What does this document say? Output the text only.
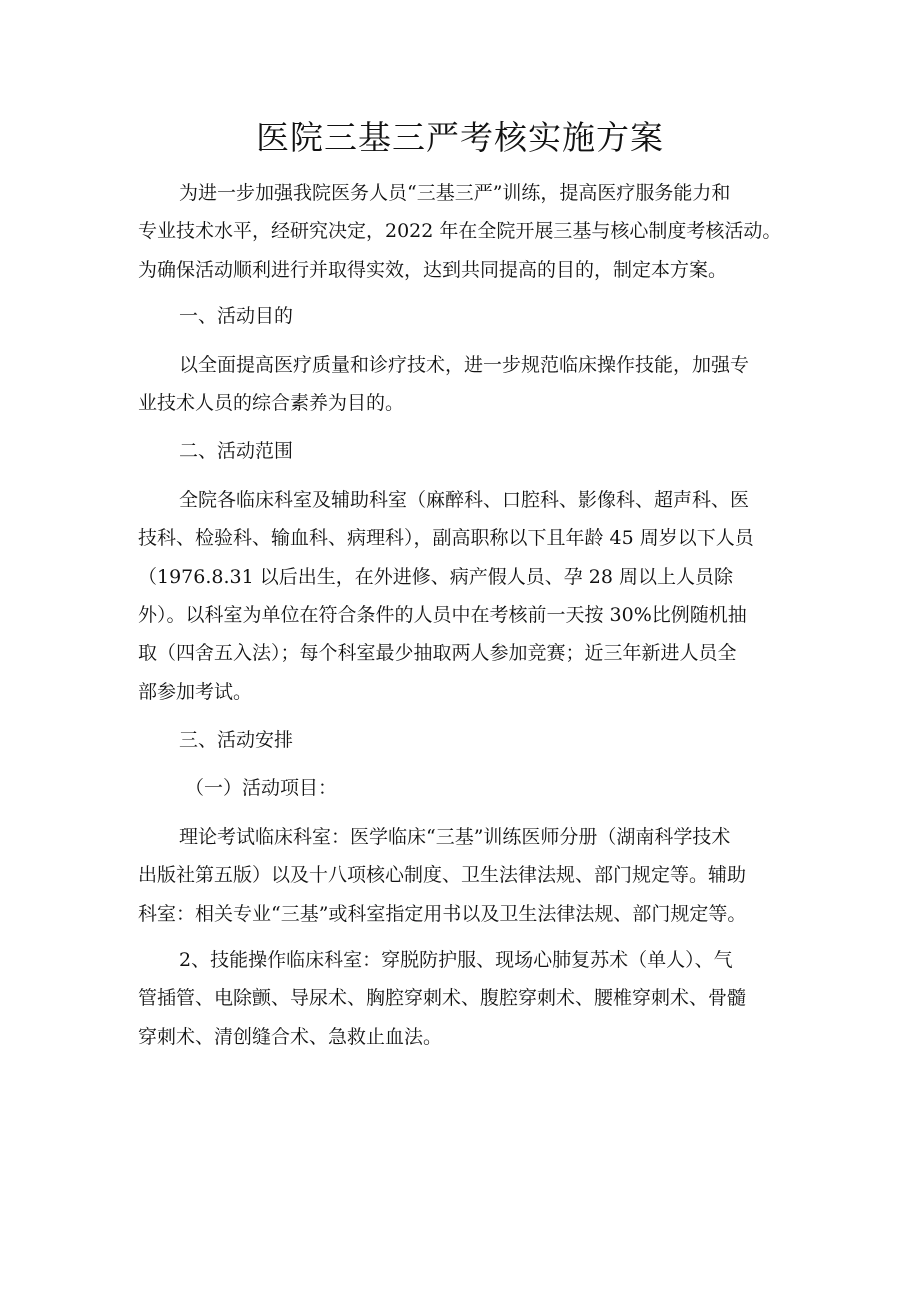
医院三基三严考核实施方案
为进一步加强我院医务人员“三基三严”训练，提高医疗服务能力和
专业技术水平，经研究决定，2022 年在全院开展三基与核心制度考核活动。
为确保活动顺利进行并取得实效，达到共同提高的目的，制定本方案。
一、活动目的
以全面提高医疗质量和诊疗技术，进一步规范临床操作技能，加强专
业技术人员的综合素养为目的。
二、活动范围
全院各临床科室及辅助科室（麻醉科、口腔科、影像科、超声科、医
技科、检验科、输血科、病理科），副高职称以下且年龄 45 周岁以下人员
（1976.8.31 以后出生，在外进修、病产假人员、孕 28 周以上人员除
外）。以科室为单位在符合条件的人员中在考核前一天按 30%比例随机抽
取（四舍五入法）；每个科室最少抽取两人参加竞赛；近三年新进人员全
部参加考试。
三、活动安排
（一）活动项目：
理论考试临床科室：医学临床“三基”训练医师分册（湖南科学技术
出版社第五版）以及十八项核心制度、卫生法律法规、部门规定等。辅助
科室：相关专业“三基”或科室指定用书以及卫生法律法规、部门规定等。
2、技能操作临床科室：穿脱防护服、现场心肺复苏术（单人）、气
管插管、电除颤、导尿术、胸腔穿刺术、腹腔穿刺术、腰椎穿刺术、骨髓
穿刺术、清创缝合术、急救止血法。
